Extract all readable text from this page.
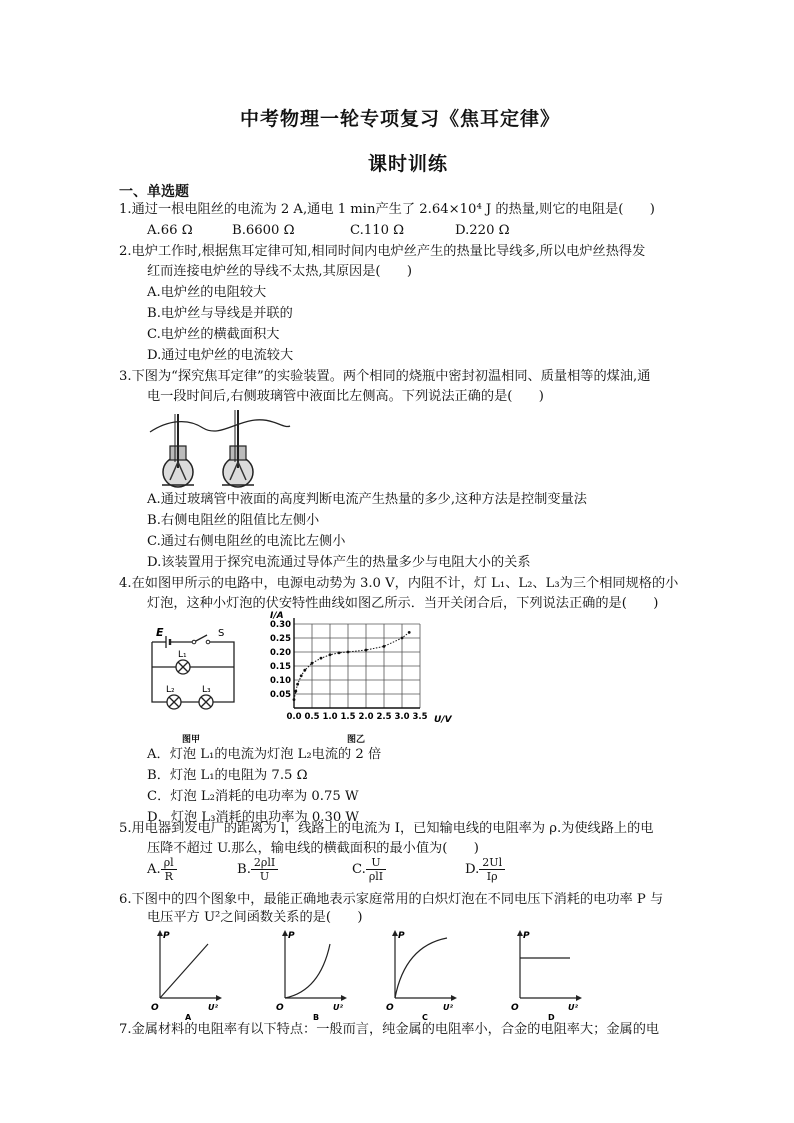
中考物理一轮专项复习《焦耳定律》
课时训练
一、单选题
1.通过一根电阻丝的电流为 2 A,通电 1 min产生了 2.64×10⁴ J 的热量,则它的电阻是(　　)
A.66 Ω	B.6600 Ω	C.110 Ω	D.220 Ω
2.电炉工作时,根据焦耳定律可知,相同时间内电炉丝产生的热量比导线多,所以电炉丝热得发
红而连接电炉丝的导线不太热,其原因是(　　)
A.电炉丝的电阻较大
B.电炉丝与导线是并联的
C.电炉丝的横截面积大
D.通过电炉丝的电流较大
3.下图为“探究焦耳定律”的实验装置。两个相同的烧瓶中密封初温相同、质量相等的煤油,通
电一段时间后,右侧玻璃管中液面比左侧高。下列说法正确的是(　　)
A.通过玻璃管中液面的高度判断电流产生热量的多少,这种方法是控制变量法
B.右侧电阻丝的阻值比左侧小
C.通过右侧电阻丝的电流比左侧小
D.该装置用于探究电流通过导体产生的热量多少与电阻大小的关系
4.在如图甲所示的电路中，电源电动势为 3.0 V，内阻不计，灯 L₁、L₂、L₃为三个相同规格的小
灯泡，这种小灯泡的伏安特性曲线如图乙所示．当开关闭合后，下列说法正确的是(　　)
E	S
L₁
L₂	L₃
图甲
0.0 0.5 1.0 1.5 2.0 2.5 3.0 3.5
0.05
0.10
0.15
0.20
0.25
0.30
I/A
U/V
图乙
A．灯泡 L₁的电流为灯泡 L₂电流的 2 倍
B．灯泡 L₁的电阻为 7.5 Ω
C．灯泡 L₂消耗的电功率为 0.75 W
D．灯泡 L₃消耗的电功率为 0.30 W
5.用电器到发电厂的距离为 l，线路上的电流为 I，已知输电线的电阻率为 ρ.为使线路上的电
压降不超过 U.那么，输电线的横截面积的最小值为(　　)
A. $\frac{\rho l}{R}$	B. $\frac{\text{2ρlI}}{U}$	C. $\frac{U}{\text{ρlI}}$	D. $\frac{2Ul}{I\rho}$
6.下图中的四个图象中，最能正确地表示家庭常用的白炽灯泡在不同电压下消耗的电功率 P 与
电压平方 U²之间函数关系的是(　　)
P
O	U²
A
P
O	U²
B
P
O	U²
C
P
O	U²
D
7.金属材料的电阻率有以下特点：一般而言，纯金属的电阻率小，合金的电阻率大；金属的电
